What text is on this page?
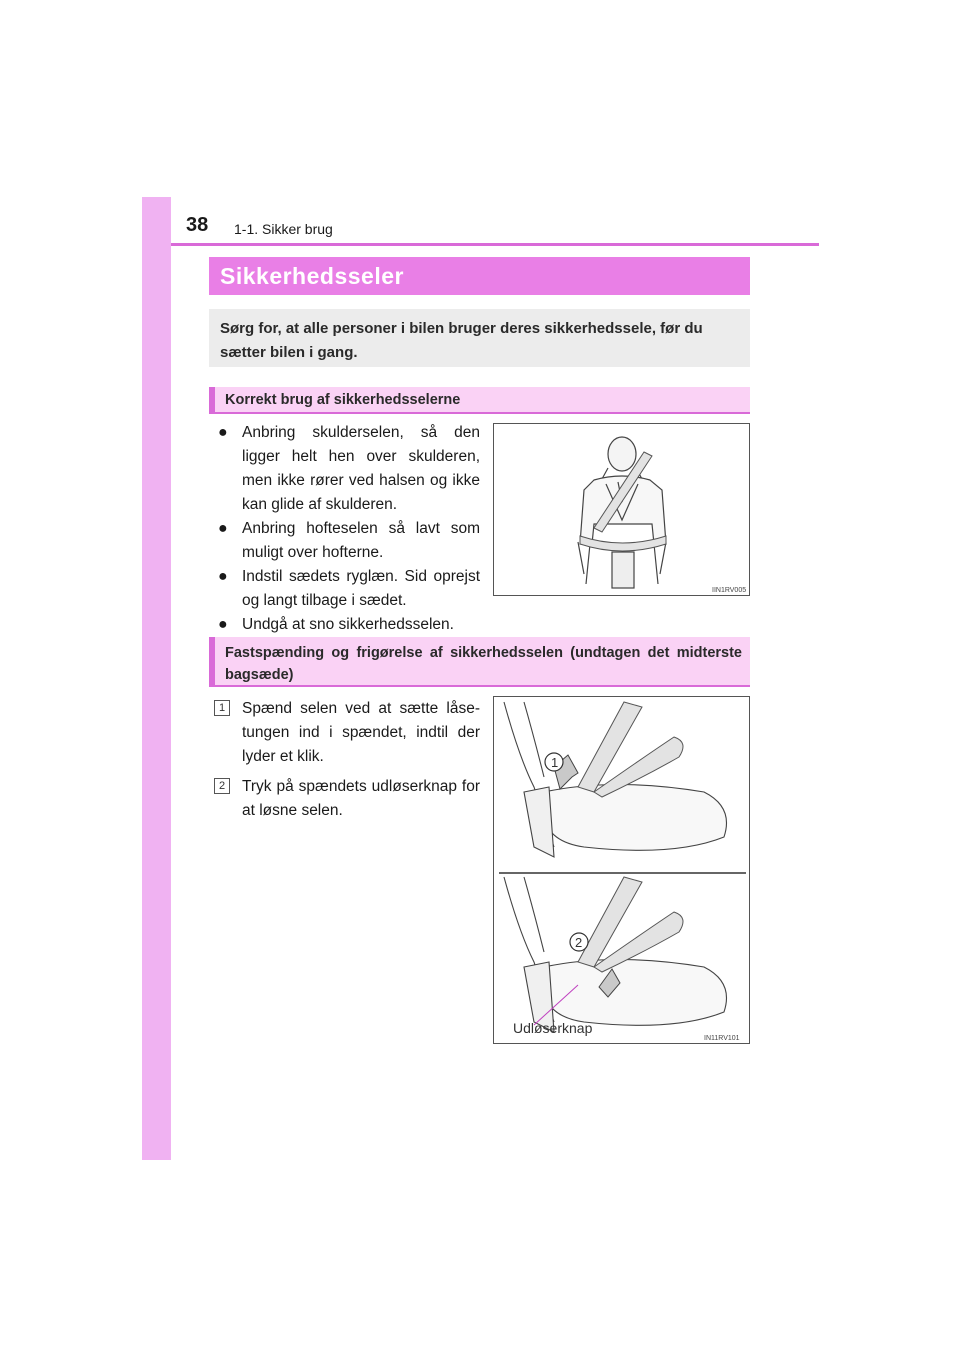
38 1-1. Sikker brug
Sikkerhedsseler
Sørg for, at alle personer i bilen bruger deres sikkerhedssele, før du sætter bilen i gang.
Korrekt brug af sikkerhedsselerne
● Anbring skulderselen, så den ligger helt hen over skulderen, men ikke rører ved halsen og ikke kan glide af skulderen.
● Anbring hofteselen så lavt som muligt over hofterne.
● Indstil sædets ryglæn. Sid oprejst og langt tilbage i sædet.
● Undgå at sno sikkerhedsselen.
IIN1RV005
Fastspænding og frigørelse af sikkerhedsselen (undtagen det midterste bagsæde)
1	Spænd selen ved at sætte låse-tungen ind i spændet, indtil der lyder et klik.
2	Tryk på spændets udløserknap for at løsne selen.
1
2
Udløserknap
IN11RV101
